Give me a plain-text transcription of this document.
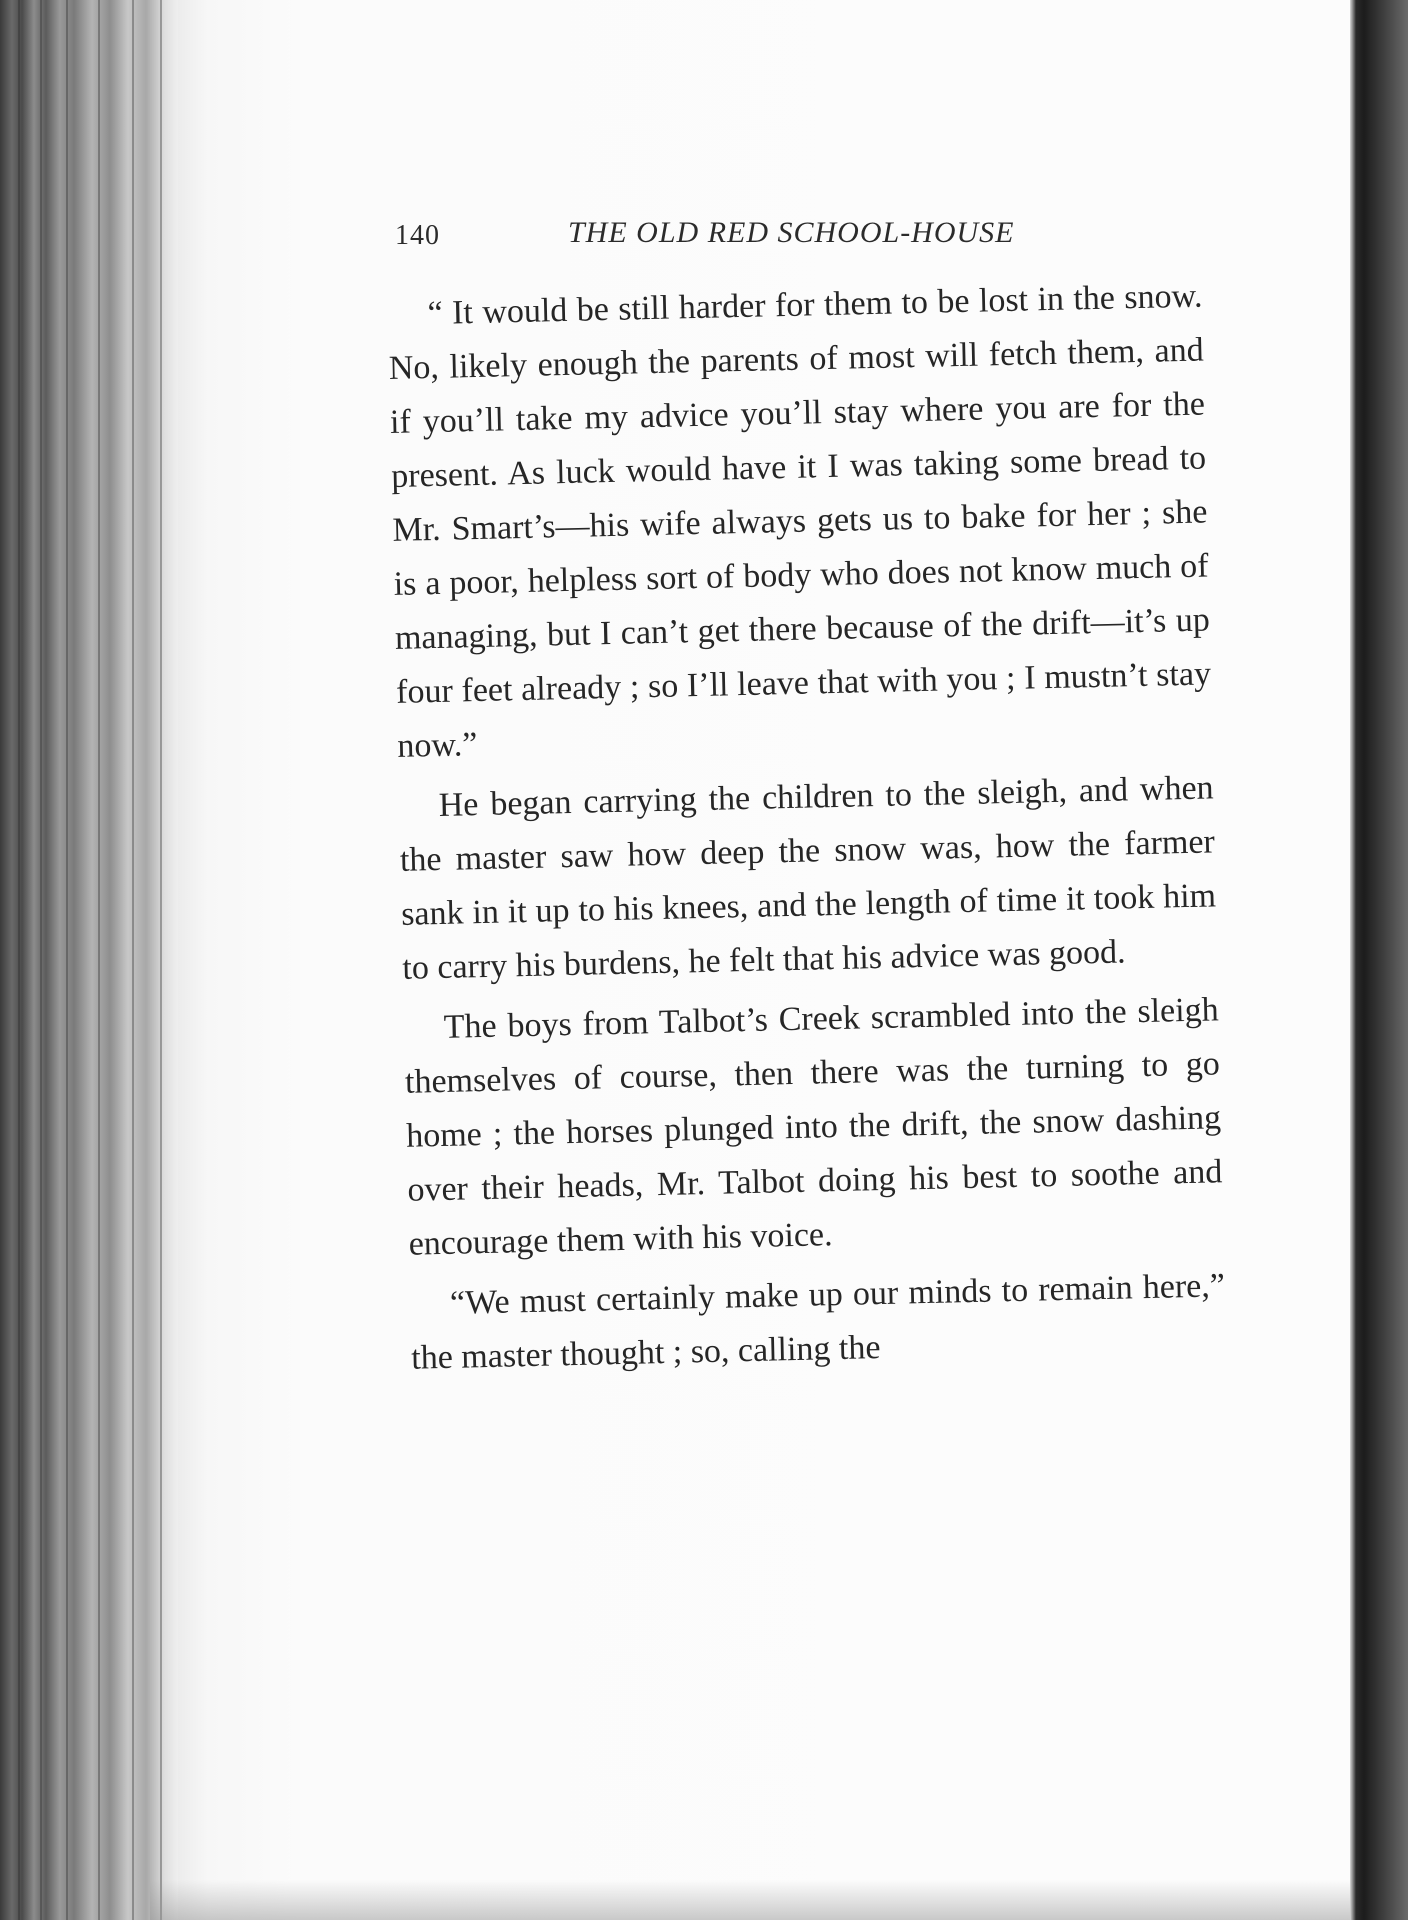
140	THE OLD RED SCHOOL-HOUSE

“ It would be still harder for them to be lost in the snow. No, likely enough the parents of most will fetch them, and if you’ll take my advice you’ll stay where you are for the present. As luck would have it I was taking some bread to Mr. Smart’s—his wife always gets us to bake for her ; she is a poor, helpless sort of body who does not know much of managing, but I can’t get there because of the drift—it’s up four feet already ; so I’ll leave that with you ; I mustn’t stay now.”

He began carrying the children to the sleigh, and when the master saw how deep the snow was, how the farmer sank in it up to his knees, and the length of time it took him to carry his burdens, he felt that his advice was good.

The boys from Talbot’s Creek scrambled into the sleigh themselves of course, then there was the turning to go home ; the horses plunged into the drift, the snow dashing over their heads, Mr. Talbot doing his best to soothe and encourage them with his voice.

“We must certainly make up our minds to remain here,” the master thought ; so, calling the
